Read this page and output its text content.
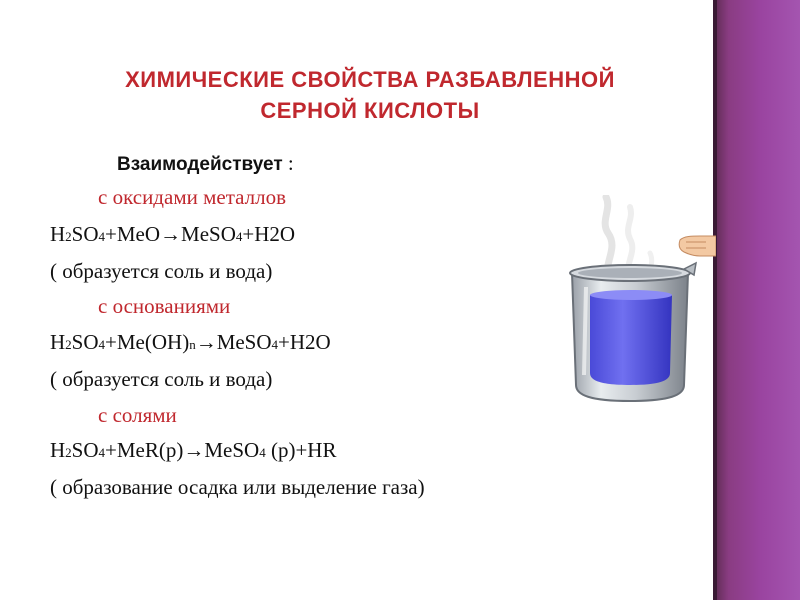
ХИМИЧЕСКИЕ СВОЙСТВА РАЗБАВЛЕННОЙ
СЕРНОЙ КИСЛОТЫ
Взаимодействует :
с оксидами металлов
H2SO4+MeO→MeSO4+H2O
( образуется соль и вода)
с основаниями
H2SO4+Me(OH)n→MeSO4+H2O
( образуется соль и вода)
с солями
H2SO4+MeR(р)→MeSO4 (р)+HR
( образование осадка или выделение газа)
